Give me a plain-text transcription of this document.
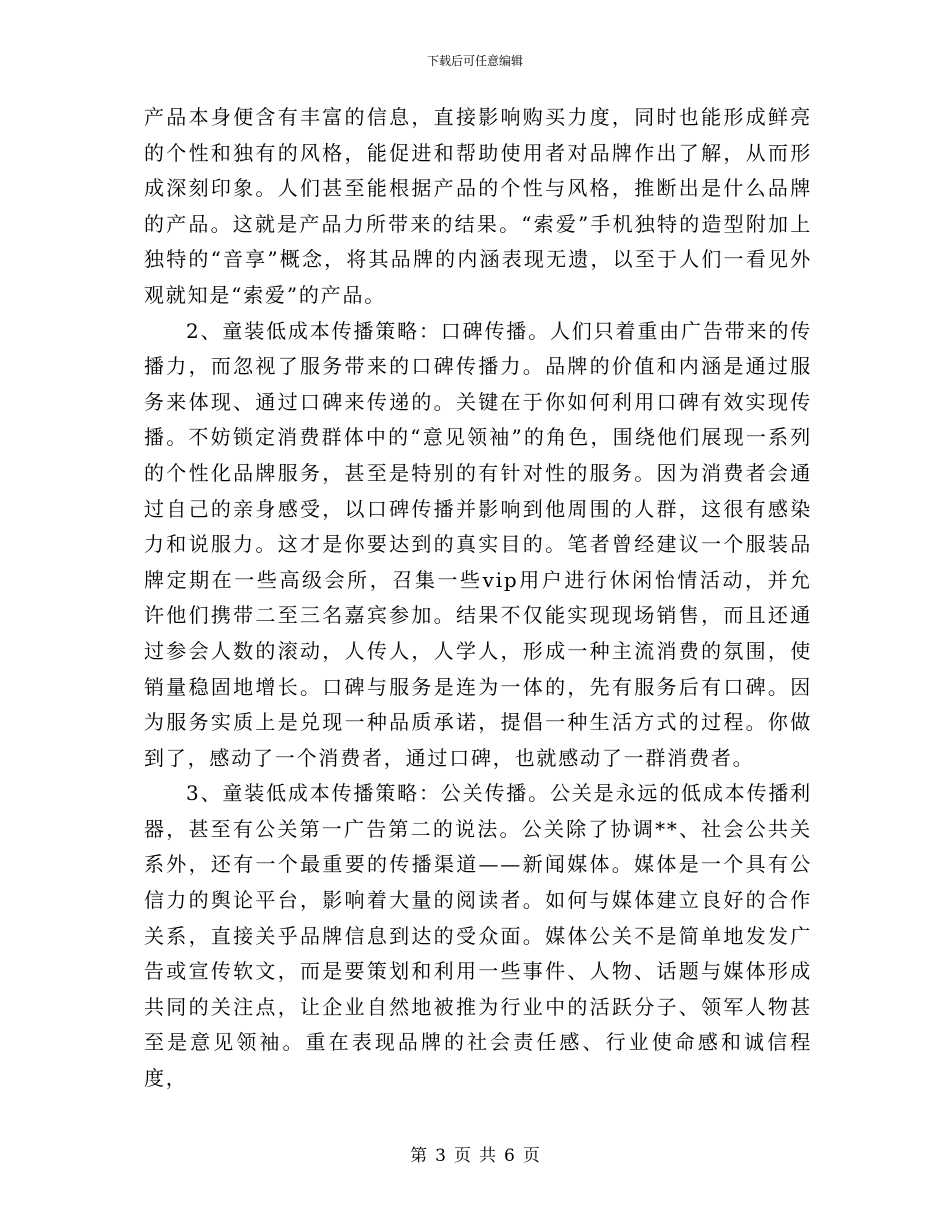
下载后可任意编辑

产品本身便含有丰富的信息，直接影响购买力度，同时也能形成鲜亮的个性和独有的风格，能促进和帮助使用者对品牌作出了解，从而形成深刻印象。人们甚至能根据产品的个性与风格，推断出是什么品牌的产品。这就是产品力所带来的结果。“索爱”手机独特的造型附加上独特的“音享”概念，将其品牌的内涵表现无遗，以至于人们一看见外观就知是“索爱”的产品。

2、童装低成本传播策略：口碑传播。人们只着重由广告带来的传播力，而忽视了服务带来的口碑传播力。品牌的价值和内涵是通过服务来体现、通过口碑来传递的。关键在于你如何利用口碑有效实现传播。不妨锁定消费群体中的“意见领袖”的角色，围绕他们展现一系列的个性化品牌服务，甚至是特别的有针对性的服务。因为消费者会通过自己的亲身感受，以口碑传播并影响到他周围的人群，这很有感染力和说服力。这才是你要达到的真实目的。笔者曾经建议一个服装品牌定期在一些高级会所，召集一些vip用户进行休闲怡情活动，并允许他们携带二至三名嘉宾参加。结果不仅能实现现场销售，而且还通过参会人数的滚动，人传人，人学人，形成一种主流消费的氛围，使销量稳固地增长。口碑与服务是连为一体的，先有服务后有口碑。因为服务实质上是兑现一种品质承诺，提倡一种生活方式的过程。你做到了，感动了一个消费者，通过口碑，也就感动了一群消费者。

3、童装低成本传播策略：公关传播。公关是永远的低成本传播利器，甚至有公关第一广告第二的说法。公关除了协调**、社会公共关系外，还有一个最重要的传播渠道——新闻媒体。媒体是一个具有公信力的舆论平台，影响着大量的阅读者。如何与媒体建立良好的合作关系，直接关乎品牌信息到达的受众面。媒体公关不是简单地发发广告或宣传软文，而是要策划和利用一些事件、人物、话题与媒体形成共同的关注点，让企业自然地被推为行业中的活跃分子、领军人物甚至是意见领袖。重在表现品牌的社会责任感、行业使命感和诚信程度，

第 3 页 共 6 页
